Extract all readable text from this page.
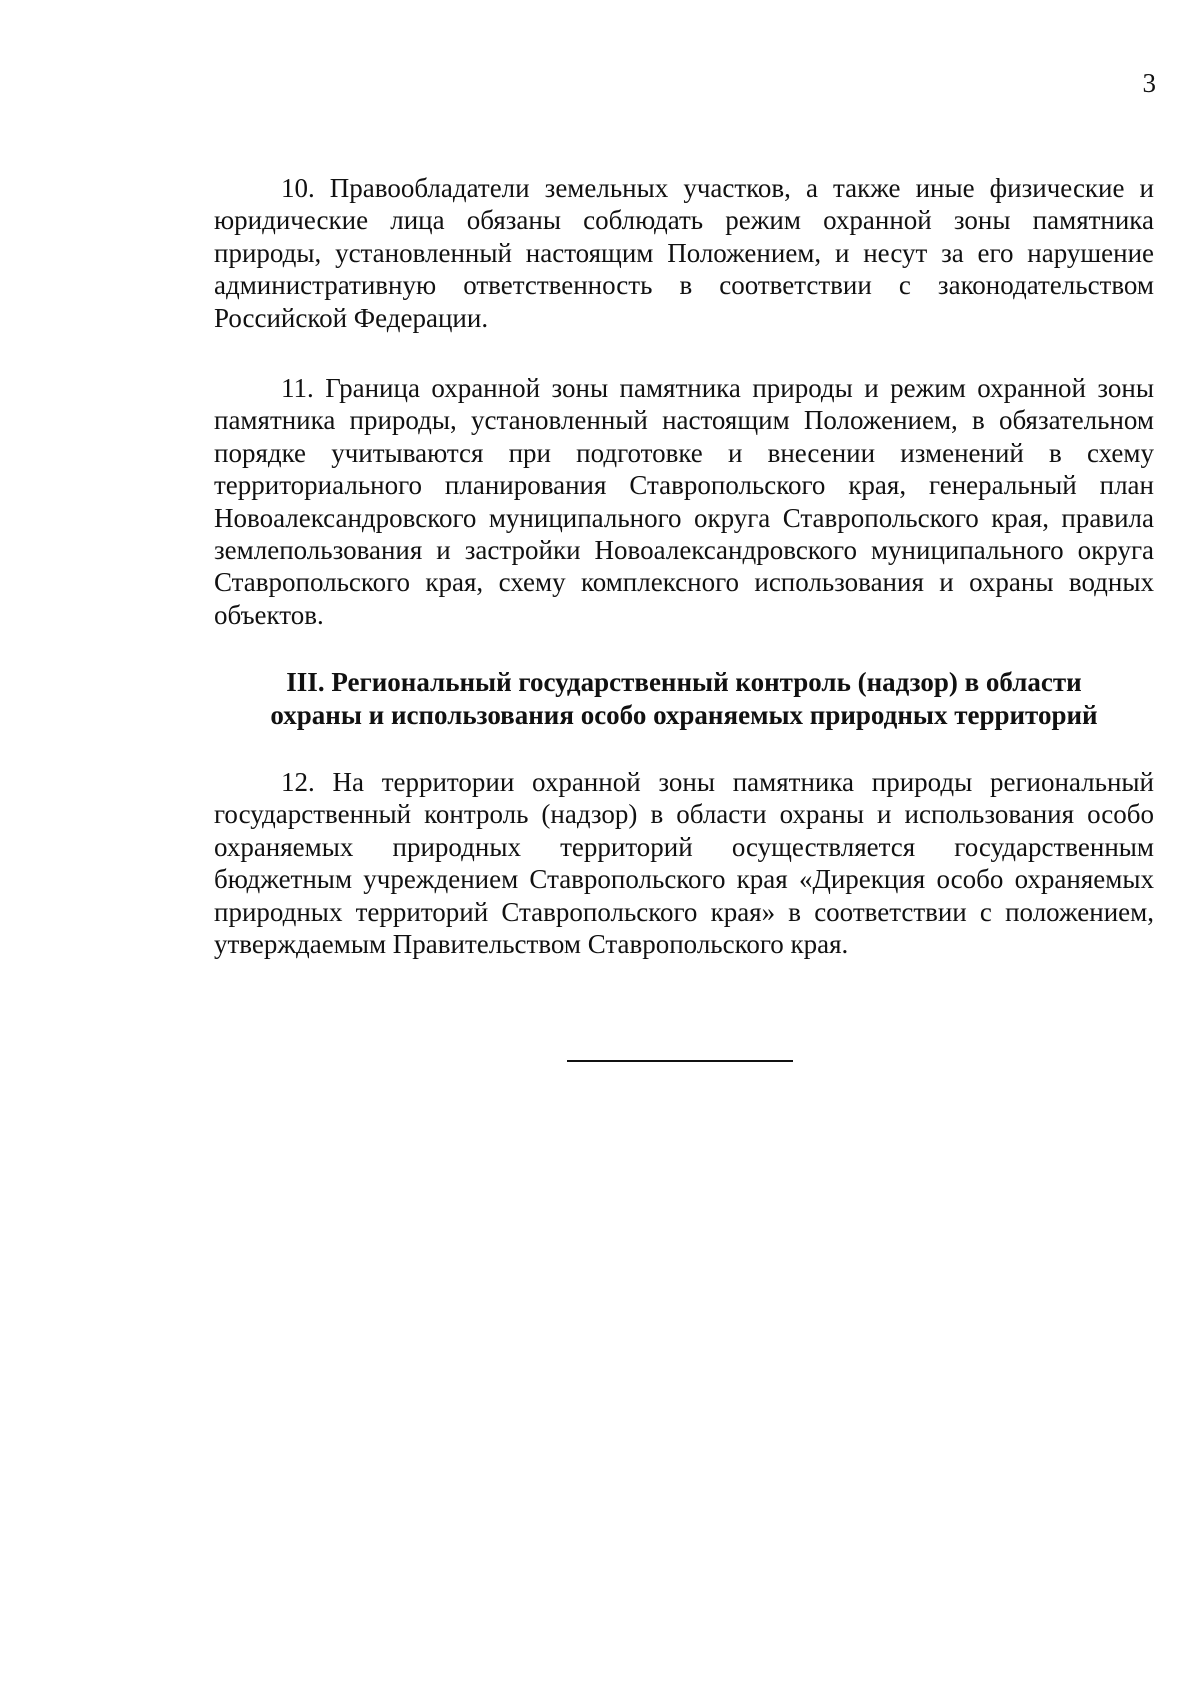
3

10. Правообладатели земельных участков, а также иные физические и юридические лица обязаны соблюдать режим охранной зоны памятника природы, установленный настоящим Положением, и несут за его нарушение административную ответственность в соответствии с законодательством Российской Федерации.

11. Граница охранной зоны памятника природы и режим охранной зоны памятника природы, установленный настоящим Положением, в обязательном порядке учитываются при подготовке и внесении изменений в схему территориального планирования Ставропольского края, генеральный план Новоалександровского муниципального округа Ставропольского края, правила землепользования и застройки Новоалександровского муниципального округа Ставропольского края, схему комплексного использования и охраны водных объектов.

III. Региональный государственный контроль (надзор) в области
охраны и использования особо охраняемых природных территорий

12. На территории охранной зоны памятника природы региональный государственный контроль (надзор) в области охраны и использования особо охраняемых природных территорий осуществляется государственным бюджетным учреждением Ставропольского края «Дирекция особо охраняемых природных территорий Ставропольского края» в соответствии с положением, утверждаемым Правительством Ставропольского края.
